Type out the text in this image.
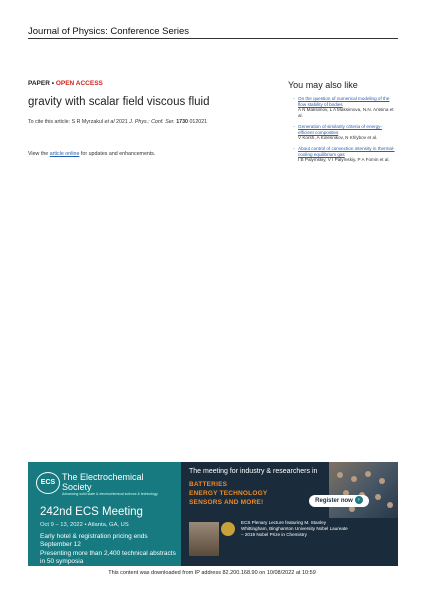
Journal of Physics: Conference Series
PAPER • OPEN ACCESS
gravity with scalar field viscous fluid
To cite this article: S R Myrzakul et al 2021 J. Phys.: Conf. Ser. 1730 012021
View the article online for updates and enhancements.
You may also like
- On the question of numerical modeling of the flow stability of bodies
A N Maksimov, L A Maksimova, N.N. Antsina et al.
- Generation of similarity criteria of energy-efficient composites
V Korsh, A Kolesnikov, N Khlybov et al.
- About control of convection intensity in thermal-cooling equilibrium gas
I B Palymskiy, V I Palymskiy, P A Fomin et al.
ECS
The Electrochemical Society
Advancing solid state & electrochemical science & technology
242nd ECS Meeting
Oct 9 – 13, 2022 • Atlanta, GA, US
Early hotel & registration pricing ends September 12
Presenting more than 2,400 technical abstracts in 50 symposia
The meeting for industry & researchers in
BATTERIES
ENERGY TECHNOLOGY
SENSORS AND MORE!	Register now ›
ECS Plenary Lecture featuring M. Stanley Whittingham, Binghamton University Nobel Laureate – 2019 Nobel Prize in Chemistry
This content was downloaded from IP address 82.200.168.90 on 10/08/2022 at 10:59
